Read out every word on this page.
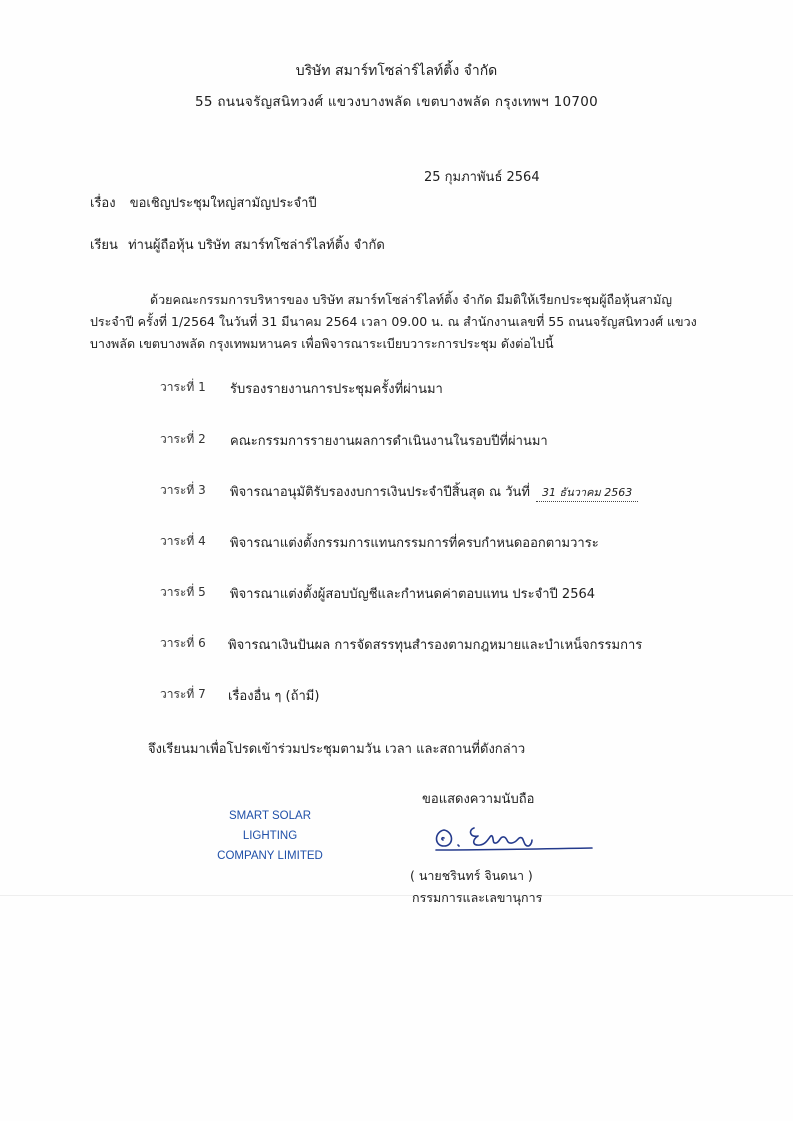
บริษัท สมาร์ทโซล่าร์ไลท์ติ้ง จำกัด
55 ถนนจรัญสนิทวงศ์ แขวงบางพลัด เขตบางพลัด กรุงเทพฯ 10700
25 กุมภาพันธ์ 2564
เรื่อง ขอเชิญประชุมใหญ่สามัญประจำปี
เรียน ท่านผู้ถือหุ้น บริษัท สมาร์ทโซล่าร์ไลท์ติ้ง จำกัด
ด้วยคณะกรรมการบริหารของ บริษัท สมาร์ทโซล่าร์ไลท์ติ้ง จำกัด มีมติให้เรียกประชุมผู้ถือหุ้นสามัญ
ประจำปี ครั้งที่ 1/2564 ในวันที่ 31 มีนาคม 2564 เวลา 09.00 น. ณ สำนักงานเลขที่ 55 ถนนจรัญสนิทวงศ์ แขวง
บางพลัด เขตบางพลัด กรุงเทพมหานคร เพื่อพิจารณาระเบียบวาระการประชุม ดังต่อไปนี้
วาระที่ 1 รับรองรายงานการประชุมครั้งที่ผ่านมา
วาระที่ 2 คณะกรรมการรายงานผลการดำเนินงานในรอบปีที่ผ่านมา
วาระที่ 3 พิจารณาอนุมัติรับรองงบการเงินประจำปีสิ้นสุด ณ วันที่ 31 ธันวาคม 2563
วาระที่ 4 พิจารณาแต่งตั้งกรรมการแทนกรรมการที่ครบกำหนดออกตามวาระ
วาระที่ 5 พิจารณาแต่งตั้งผู้สอบบัญชีและกำหนดค่าตอบแทน ประจำปี 2564
วาระที่ 6 พิจารณาเงินปันผล การจัดสรรทุนสำรองตามกฎหมายและบำเหน็จกรรมการ
วาระที่ 7 เรื่องอื่น ๆ (ถ้ามี)
จึงเรียนมาเพื่อโปรดเข้าร่วมประชุมตามวัน เวลา และสถานที่ดังกล่าว
ขอแสดงความนับถือ
SMART SOLAR LIGHTING
COMPANY LIMITED
( นายชรินทร์ จินดนา )
กรรมการและเลขานุการ
